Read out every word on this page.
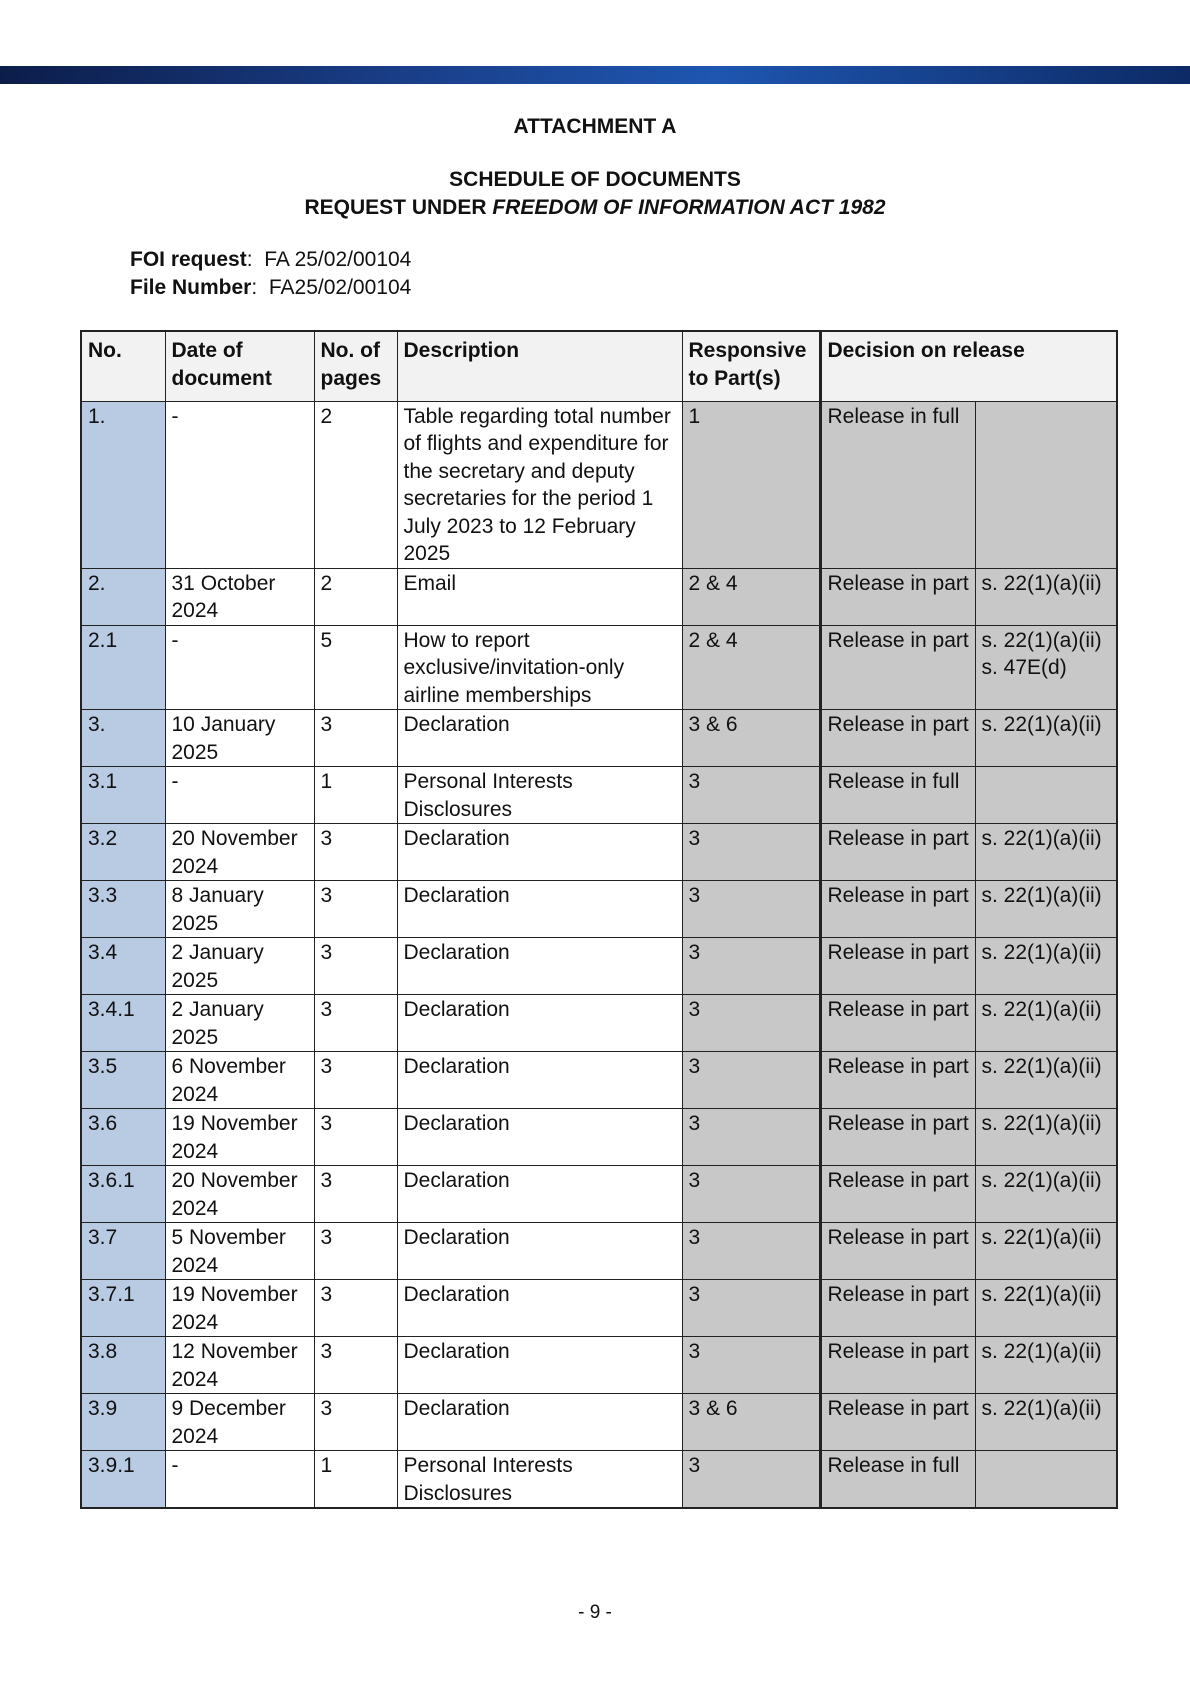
ATTACHMENT A
SCHEDULE OF DOCUMENTS
REQUEST UNDER FREEDOM OF INFORMATION ACT 1982
FOI request:  FA 25/02/00104
File Number:  FA25/02/00104
No.	Date of document	No. of pages	Description	Responsive to Part(s)	Decision on release	
1.	-	2	Table regarding total number of flights and expenditure for the secretary and deputy secretaries for the period 1 July 2023 to 12 February 2025	1	Release in full	
2.	31 October 2024	2	Email	2 & 4	Release in part	s. 22(1)(a)(ii)
2.1	-	5	How to report exclusive/invitation-only airline memberships	2 & 4	Release in part	s. 22(1)(a)(ii) s. 47E(d)
3.	10 January 2025	3	Declaration	3 & 6	Release in part	s. 22(1)(a)(ii)
3.1	-	1	Personal Interests Disclosures	3	Release in full	
3.2	20 November 2024	3	Declaration	3	Release in part	s. 22(1)(a)(ii)
3.3	8 January 2025	3	Declaration	3	Release in part	s. 22(1)(a)(ii)
3.4	2 January 2025	3	Declaration	3	Release in part	s. 22(1)(a)(ii)
3.4.1	2 January 2025	3	Declaration	3	Release in part	s. 22(1)(a)(ii)
3.5	6 November 2024	3	Declaration	3	Release in part	s. 22(1)(a)(ii)
3.6	19 November 2024	3	Declaration	3	Release in part	s. 22(1)(a)(ii)
3.6.1	20 November 2024	3	Declaration	3	Release in part	s. 22(1)(a)(ii)
3.7	5 November 2024	3	Declaration	3	Release in part	s. 22(1)(a)(ii)
3.7.1	19 November 2024	3	Declaration	3	Release in part	s. 22(1)(a)(ii)
3.8	12 November 2024	3	Declaration	3	Release in part	s. 22(1)(a)(ii)
3.9	9 December 2024	3	Declaration	3 & 6	Release in part	s. 22(1)(a)(ii)
3.9.1	-	1	Personal Interests Disclosures	3	Release in full	
- 9 -
